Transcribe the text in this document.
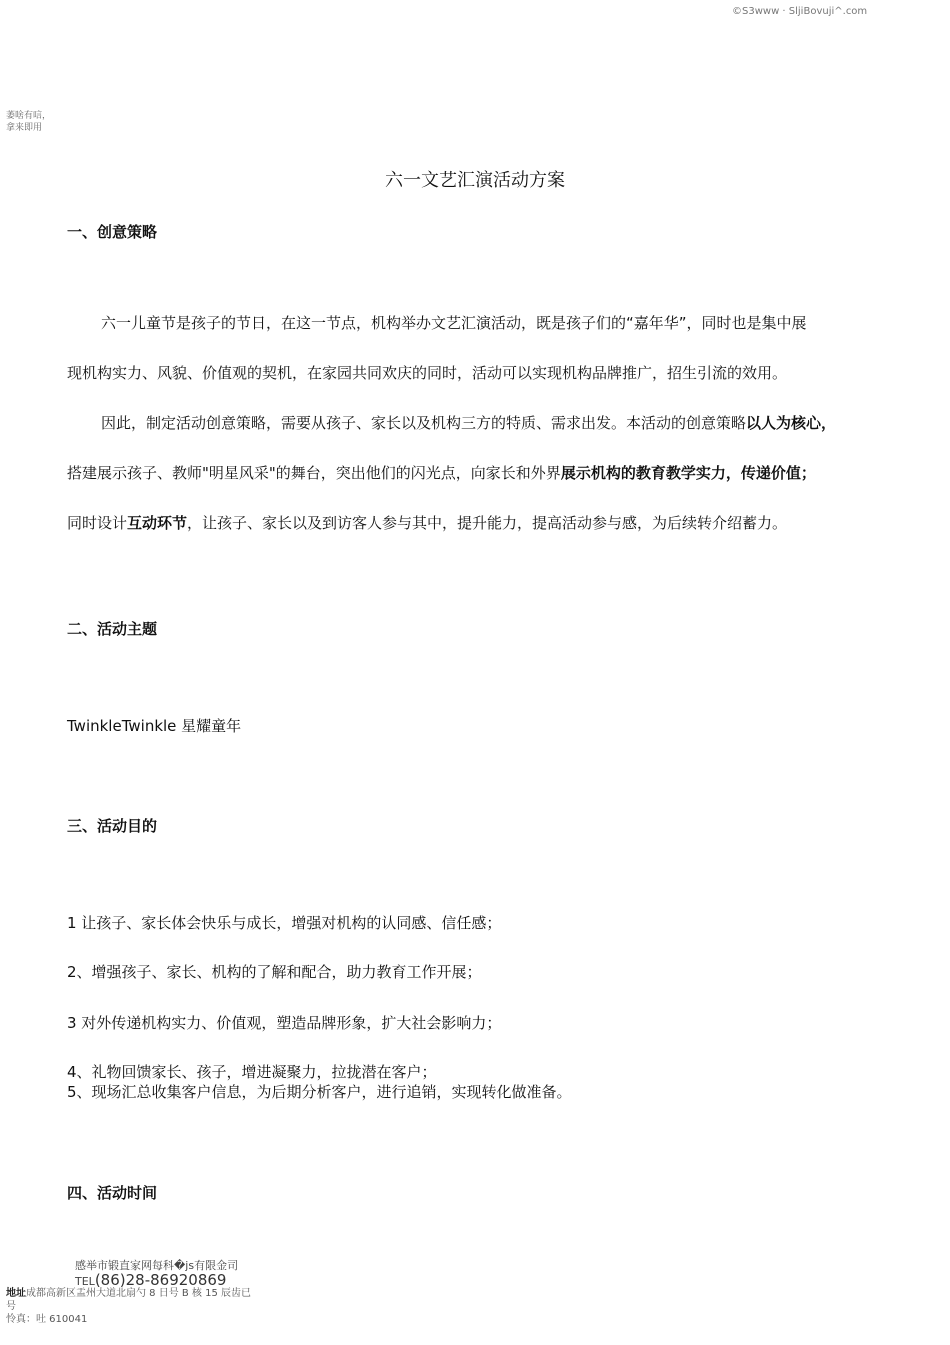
©S3www · SljiBovuji^.com
萎啥有唁，
拿来即用
六一文艺汇演活动方案
一、创意策略
六一儿童节是孩子的节日，在这一节点，机构举办文艺汇演活动，既是孩子们的“嘉年华”，同时也是集中展
现机构实力、风貌、价值观的契机，在家园共同欢庆的同时，活动可以实现机构品牌推广，招生引流的效用。
因此，制定活动创意策略，需要从孩子、家长以及机构三方的特质、需求出发。本活动的创意策略以人为核心，
搭建展示孩子、教师"明星风采"的舞台，突出他们的闪光点，向家长和外界展示机构的教育教学实力，传递价值；
同时设计互动环节，让孩子、家长以及到访客人参与其中，提升能力，提高活动参与感，为后续转介绍蓄力。
二、活动主题
TwinkleTwinkle 星耀童年
三、活动目的
1 让孩子、家长体会快乐与成长，增强对机构的认同感、信任感；
2、增强孩子、家长、机构的了解和配合，助力教育工作开展；
3 对外传递机构实力、价值观，塑造品牌形象，扩大社会影响力；
4、礼物回馈家长、孩子，增进凝聚力，拉拢潜在客户；
5、现场汇总收集客户信息，为后期分析客户，进行追销，实现转化做准备。
四、活动时间
感举市锻直家网每科�js有限金司
TEL(86)28-86920869
地址成都高新区盂州大道北扇勺 8 日号 B 核 15 辰齿已
号
怜真：吐 610041
